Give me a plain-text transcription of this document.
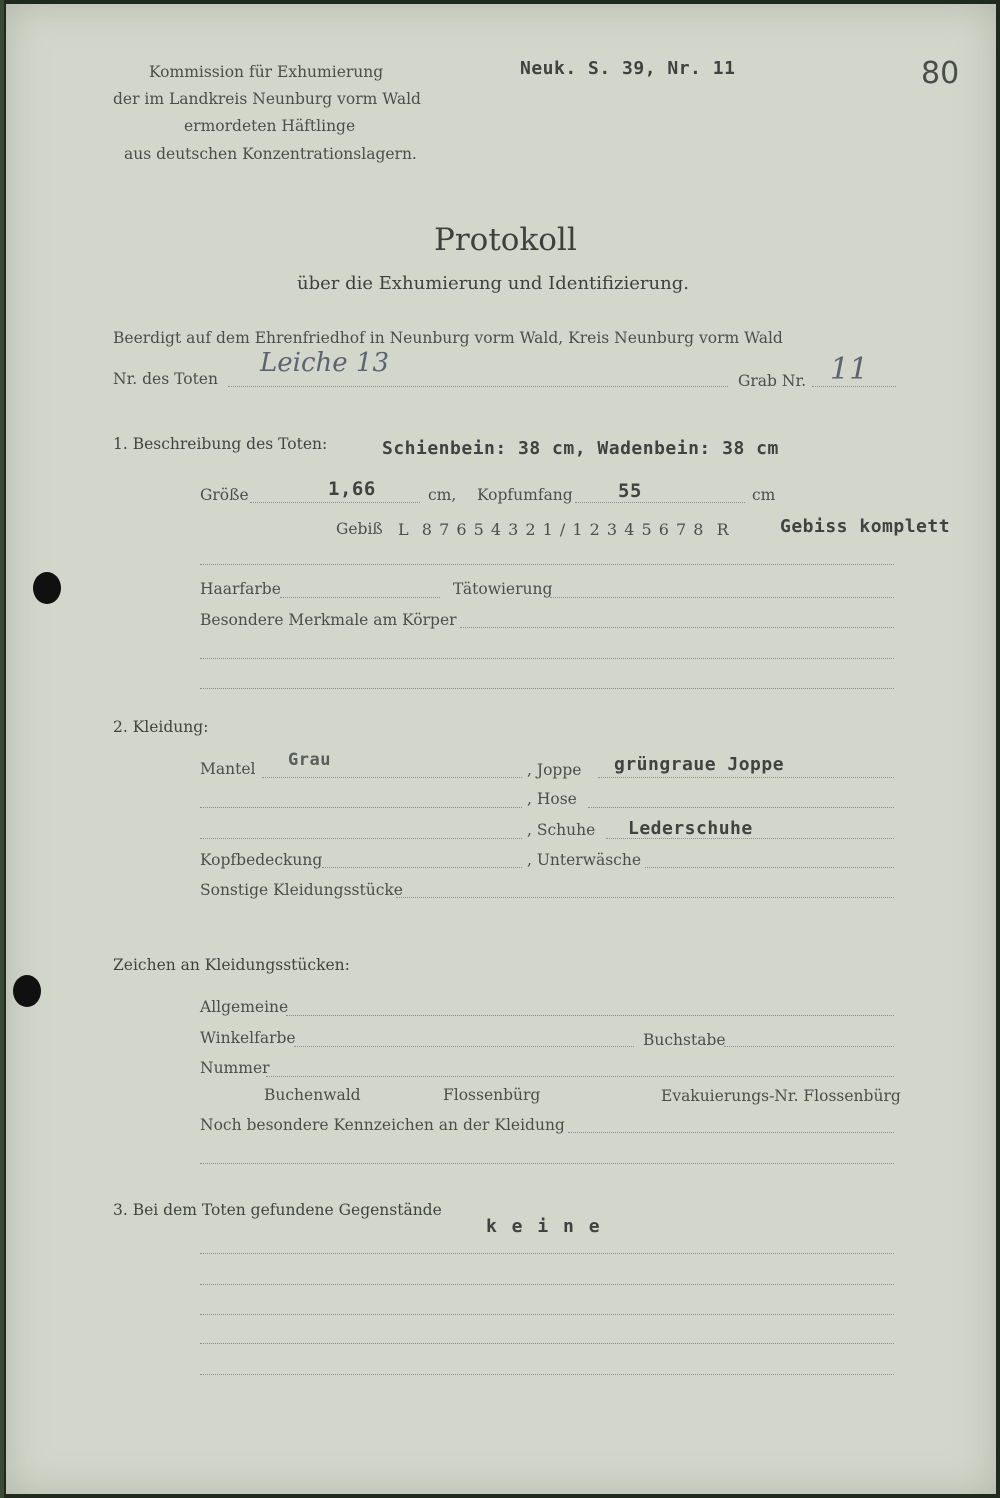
Kommission für Exhumierung
der im Landkreis Neunburg vorm Wald
ermordeten Häftlinge
aus deutschen Konzentrationslagern.
Neuk. S. 39, Nr. 11	80
Protokoll
über die Exhumierung und Identifizierung.
Beerdigt auf dem Ehrenfriedhof in Neunburg vorm Wald, Kreis Neunburg vorm Wald
Nr. des Toten
Leiche 13
Grab Nr. 11
1. Beschreibung des Toten:	Schienbein: 38 cm, Wadenbein: 38 cm
Größe	1,66	cm, Kopfumfang 55	cm
Gebiß L  8 7 6 5 4 3 2 1 / 1 2 3 4 5 6 7 8  R	Gebiss komplett
Haarfarbe	Tätowierung
Besondere Merkmale am Körper
2. Kleidung:
Mantel Grau	, Joppe grüngraue Joppe
, Hose
, Schuhe Lederschuhe
Kopfbedeckung	, Unterwäsche
Sonstige Kleidungsstücke
Zeichen an Kleidungsstücken:
Allgemeine
Winkelfarbe	Buchstabe
Nummer
Buchenwald	Flossenbürg	Evakuierungs-Nr. Flossenbürg
Noch besondere Kennzeichen an der Kleidung
3. Bei dem Toten gefundene Gegenstände
k e i n e
